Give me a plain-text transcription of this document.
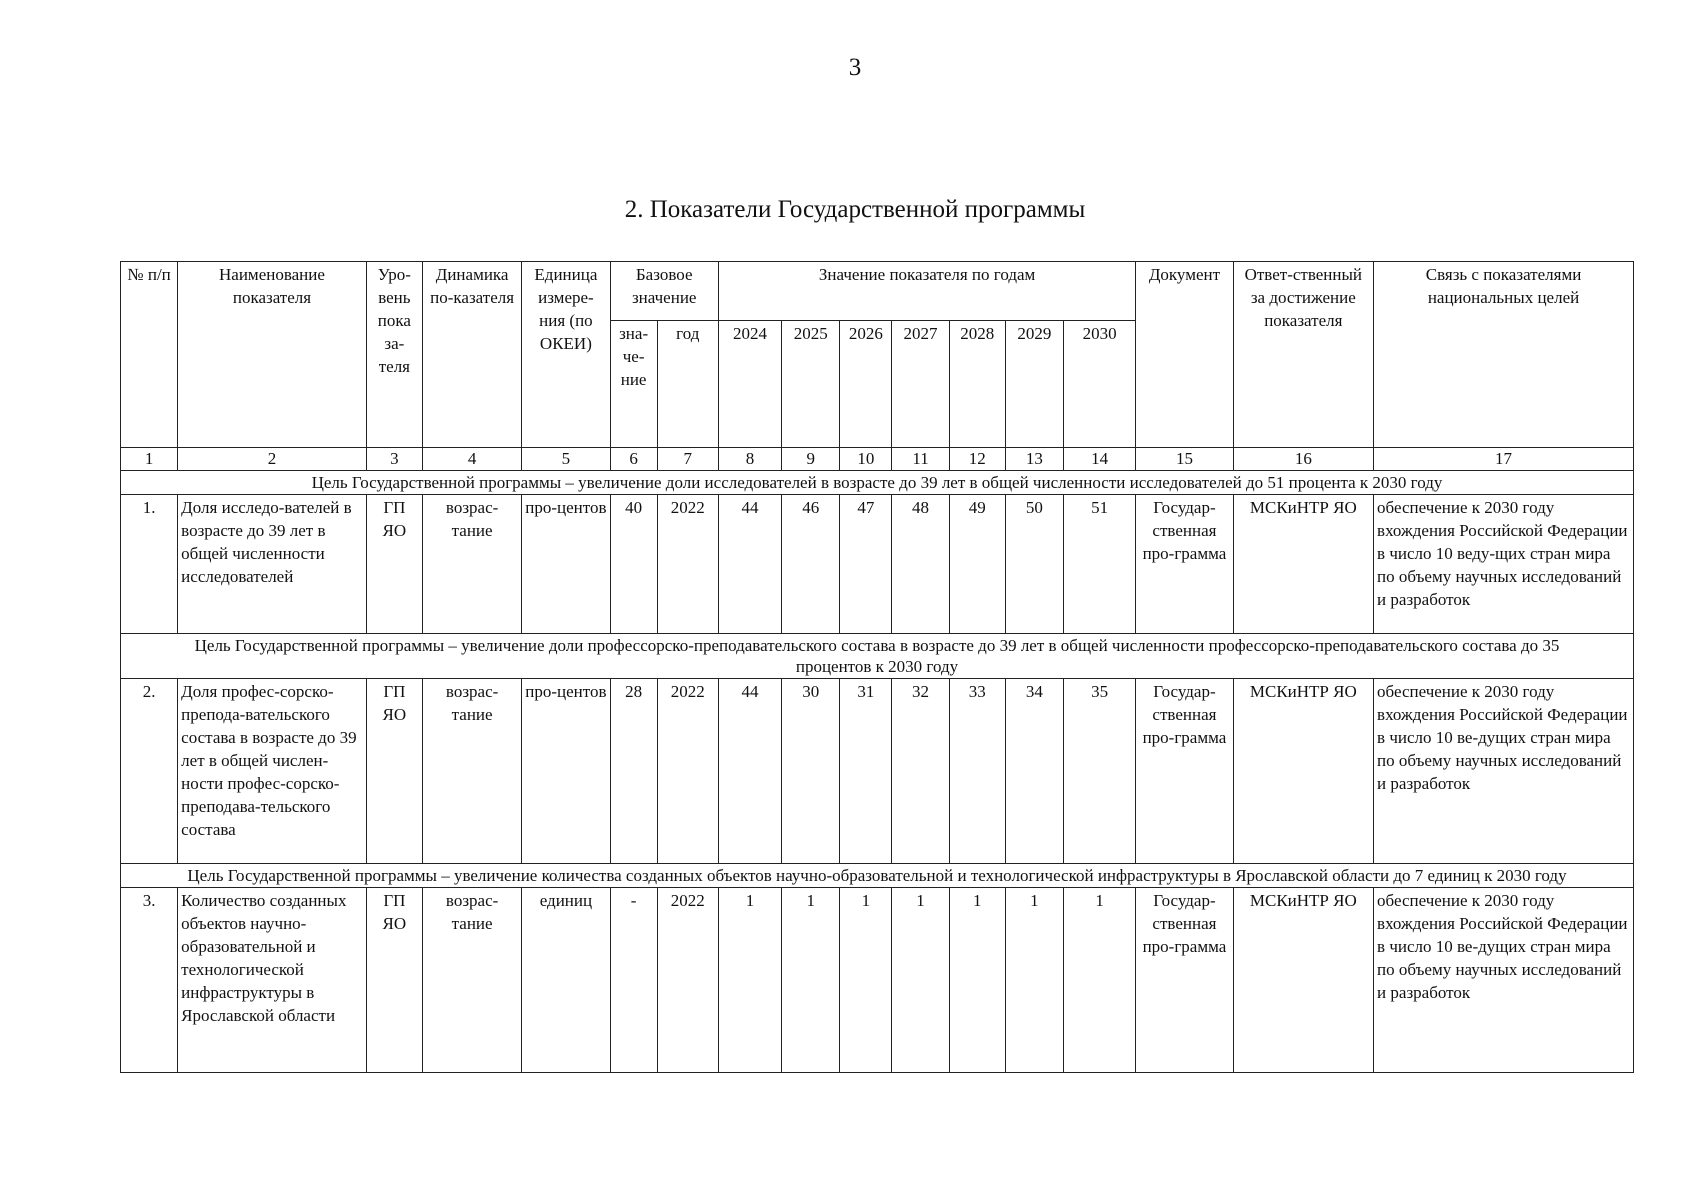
3
2. Показатели Государственной программы
№ п/п	Наименование показателя	Уро-вень пока за-теля	Динамика по-казателя	Единица измере-ния (по ОКЕИ)	Базовое значение		Значение показателя по годам							Документ	Ответ-ственный за достижение показателя	Связь с показателями национальных целей
					зна-че-ние	год	2024	2025	2026	2027	2028	2029	2030			
1	2	3	4	5	6	7	8	9	10	11	12	13	14	15	16	17
Цель Государственной программы – увеличение доли исследователей в возрасте до 39 лет в общей численности исследователей до 51 процента к 2030 году																
1.	Доля исследо-вателей в возрасте до 39 лет в общей численности исследователей	ГП ЯО	возрас-тание	про-центов	40	2022	44	46	47	48	49	50	51	Государ-ственная про-грамма	МСКиНТР ЯО	обеспечение к 2030 году вхождения Российской Федерации в число 10 веду-щих стран мира по объему научных исследований и разработок
Цель Государственной программы – увеличение доли профессорско-преподавательского состава в возрасте до 39 лет в общей численности профессорско-преподавательского состава до 35 процентов к 2030 году																
2.	Доля профес-сорско-препода-вательского состава в возрасте до 39 лет в общей числен-ности профес-сорско-преподава-тельского состава	ГП ЯО	возрас-тание	про-центов	28	2022	44	30	31	32	33	34	35	Государ-ственная про-грамма	МСКиНТР ЯО	обеспечение к 2030 году вхождения Российской Федерации в число 10 ве-дущих стран мира по объему научных исследований и разработок
Цель Государственной программы – увеличение количества созданных объектов научно-образовательной и технологической инфраструктуры в Ярославской области до 7 единиц к 2030 году																
3.	Количество созданных объектов научно-образовательной и технологической инфраструктуры в Ярославской области	ГП ЯО	возрас-тание	единиц	-	2022	1	1	1	1	1	1	1	Государ-ственная про-грамма	МСКиНТР ЯО	обеспечение к 2030 году вхождения Российской Федерации в число 10 ве-дущих стран мира по объему научных исследований и разработок
